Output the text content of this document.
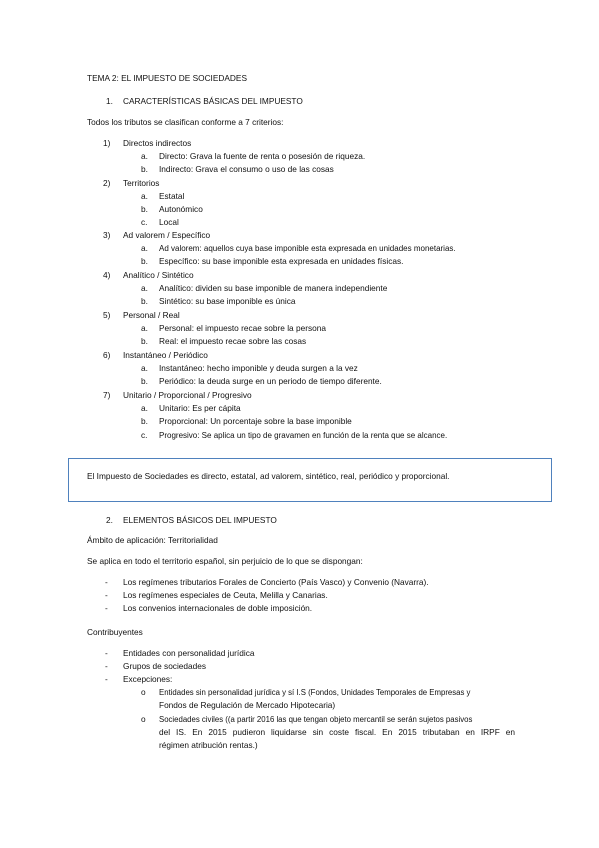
TEMA 2: EL IMPUESTO DE SOCIEDADES
1. CARACTERÍSTICAS BÁSICAS DEL IMPUESTO
Todos los tributos se clasifican conforme a 7 criterios:
1) Directos indirectos
a. Directo: Grava la fuente de renta o posesión de riqueza.
b. Indirecto: Grava el consumo o uso de las cosas
2) Territorios
a. Estatal
b. Autonómico
c. Local
3) Ad valorem / Específico
a. Ad valorem: aquellos cuya base imponible esta expresada en unidades monetarias.
b. Específico: su base imponible esta expresada en unidades físicas.
4) Analítico / Sintético
a. Analítico: dividen su base imponible de manera independiente
b. Sintético: su base imponible es única
5) Personal / Real
a. Personal: el impuesto recae sobre la persona
b. Real: el impuesto recae sobre las cosas
6) Instantáneo / Periódico
a. Instantáneo: hecho imponible y deuda surgen a la vez
b. Periódico: la deuda surge en un periodo de tiempo diferente.
7) Unitario / Proporcional / Progresivo
a. Unitario: Es per cápita
b. Proporcional: Un porcentaje sobre la base imponible
c. Progresivo: Se aplica un tipo de gravamen en función de la renta que se alcance.
El Impuesto de Sociedades es directo, estatal, ad valorem, sintético, real, periódico y proporcional.
2. ELEMENTOS BÁSICOS DEL IMPUESTO
Ámbito de aplicación: Territorialidad
Se aplica en todo el territorio español, sin perjuicio de lo que se dispongan:
- Los regímenes tributarios Forales de Concierto (País Vasco) y Convenio (Navarra).
- Los regímenes especiales de Ceuta, Melilla y Canarias.
- Los convenios internacionales de doble imposición.
Contribuyentes
- Entidades con personalidad jurídica
- Grupos de sociedades
- Excepciones:
o Entidades sin personalidad jurídica y sí I.S (Fondos, Unidades Temporales de Empresas y
Fondos de Regulación de Mercado Hipotecaria)
o Sociedades civiles ((a partir 2016 las que tengan objeto mercantil se serán sujetos pasivos
del IS. En 2015 pudieron liquidarse sin coste fiscal. En 2015 tributaban en IRPF en
régimen atribución rentas.)
